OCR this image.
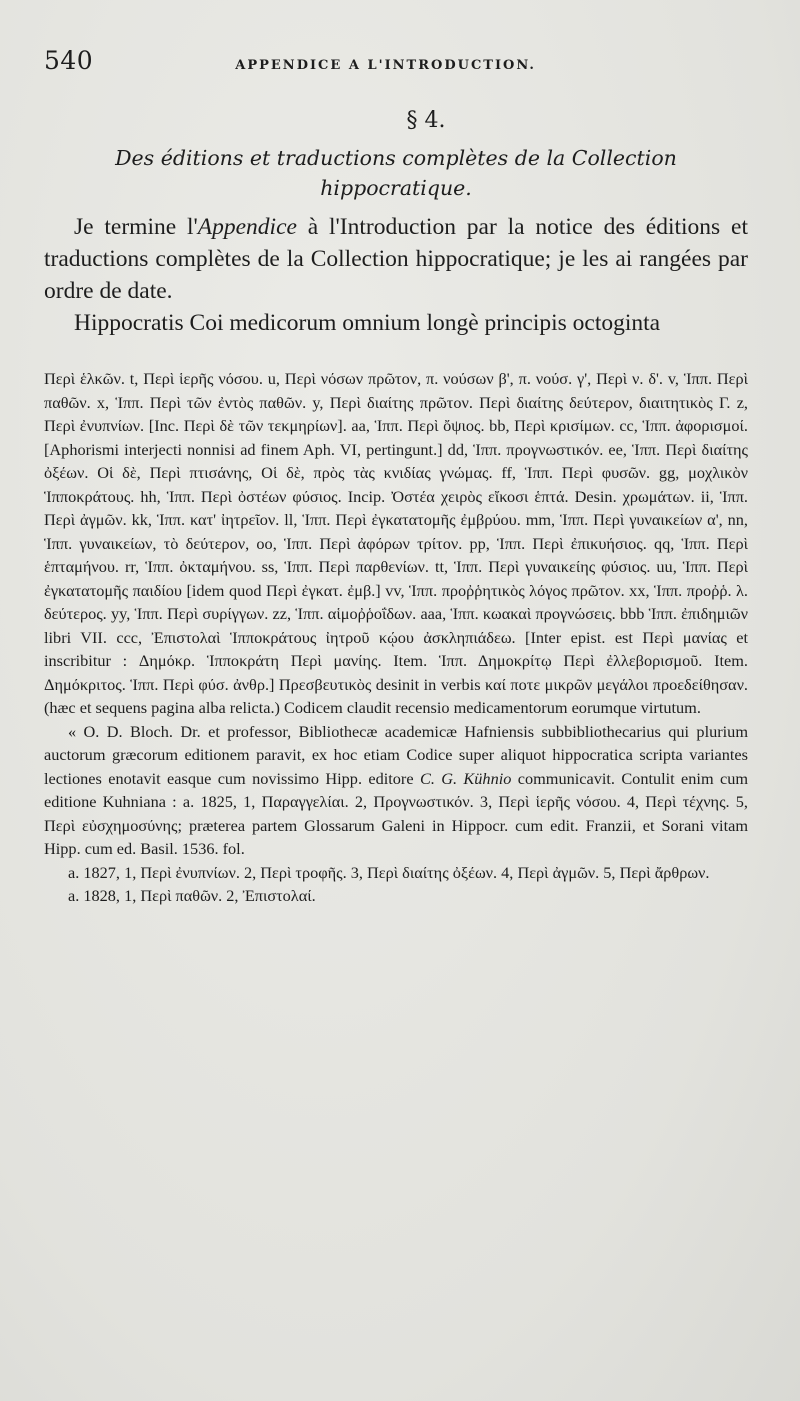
540	APPENDICE A L'INTRODUCTION.
§ 4.
Des éditions et traductions complètes de la Collection hippocratique.

Je termine l'Appendice à l'Introduction par la notice des éditions et traductions complètes de la Collection hippocratique; je les ai rangées par ordre de date.

Hippocratis Coi medicorum omnium longè principis octoginta

Περὶ ἑλκῶν. t, Περὶ ἱερῆς νόσου. u, Περὶ νόσων πρῶτον, π. νούσων β', π. νούσ. γ', Περὶ ν. δ'. v, Ἱππ. Περὶ παθῶν. x, Ἱππ. Περὶ τῶν ἐντὸς παθῶν. y, Περὶ διαίτης πρῶτον. Περὶ διαίτης δεύτερον, διαιτητικὸς Γ. z, Περὶ ἐνυπνίων. [Inc. Περὶ δὲ τῶν τεκμηρίων]. aa, Ἱππ. Περὶ ὄψιος. bb, Περὶ κρισίμων. cc, Ἱππ. ἀφορισμοί. [Aphorismi interjecti nonnisi ad finem Aph. VI, pertingunt.] dd, Ἱππ. προγνωστικόν. ee, Ἱππ. Περὶ διαίτης ὀξέων. Οἱ δὲ, Περὶ πτισάνης, Οἱ δὲ, πρὸς τὰς κνιδίας γνώμας. ff, Ἱππ. Περὶ φυσῶν. gg, μοχλικὸν Ἱπποκράτους. hh, Ἱππ. Περὶ ὀστέων φύσιος. Incip. Ὀστέα χειρὸς εἴκοσι ἑπτά. Desin. χρωμάτων. ii, Ἱππ. Περὶ ἀγμῶν. kk, Ἱππ. κατ' ἰητρεῖον. ll, Ἱππ. Περὶ ἐγκατατομῆς ἐμβρύου. mm, Ἱππ. Περὶ γυναικείων α', nn, Ἱππ. γυναικείων, τὸ δεύτερον, oo, Ἱππ. Περὶ ἀφόρων τρίτον. pp, Ἱππ. Περὶ ἐπικυήσιος. qq, Ἱππ. Περὶ ἑπταμήνου. rr, Ἱππ. ὀκταμήνου. ss, Ἱππ. Περὶ παρθενίων. tt, Ἱππ. Περὶ γυναικείης φύσιος. uu, Ἱππ. Περὶ ἐγκατατομῆς παιδίου [idem quod Περὶ ἐγκατ. ἐμβ.] vv, Ἱππ. προῤῥητικὸς λόγος πρῶτον. xx, Ἱππ. προῤῥ. λ. δεύτερος. yy, Ἱππ. Περὶ συρίγγων. zz, Ἱππ. αἱμοῤῥοΐδων. aaa, Ἱππ. κωακαὶ προγνώσεις. bbb Ἱππ. ἐπιδημιῶν libri VII. ccc, Ἐπιστολαὶ Ἱπποκράτους ἰητροῦ κῴου ἀσκληπιάδεω. [Inter epist. est Περὶ μανίας et inscribitur : Δημόκρ. Ἱπποκράτη Περὶ μανίης. Item. Ἱππ. Δημοκρίτῳ Περὶ ἐλλεβορισμοῦ. Item. Δημόκριτος. Ἱππ. Περὶ φύσ. ἀνθρ.] Πρεσβευτικὸς desinit in verbis καί ποτε μικρῶν μεγάλοι προεδείθησαν. (hæc et sequens pagina alba relicta.) Codicem claudit recensio medicamentorum eorumque virtutum.

« O. D. Bloch. Dr. et professor, Bibliothecæ academicæ Hafniensis subbibliothecarius qui plurium auctorum græcorum editionem paravit, ex hoc etiam Codice super aliquot hippocratica scripta variantes lectiones enotavit easque cum novissimo Hipp. editore C. G. Kühnio communicavit. Contulit enim cum editione Kuhniana : a. 1825, 1, Παραγγελίαι. 2, Προγνωστικόν. 3, Περὶ ἱερῆς νόσου. 4, Περὶ τέχνης. 5, Περὶ εὐσχημοσύνης; præterea partem Glossarum Galeni in Hippocr. cum edit. Franzii, et Sorani vitam Hipp. cum ed. Basil. 1536. fol.

a. 1827, 1, Περὶ ἐνυπνίων. 2, Περὶ τροφῆς. 3, Περὶ διαίτης ὀξέων. 4, Περὶ ἀγμῶν. 5, Περὶ ἄρθρων.

a. 1828, 1, Περὶ παθῶν. 2, Ἐπιστολαί.
